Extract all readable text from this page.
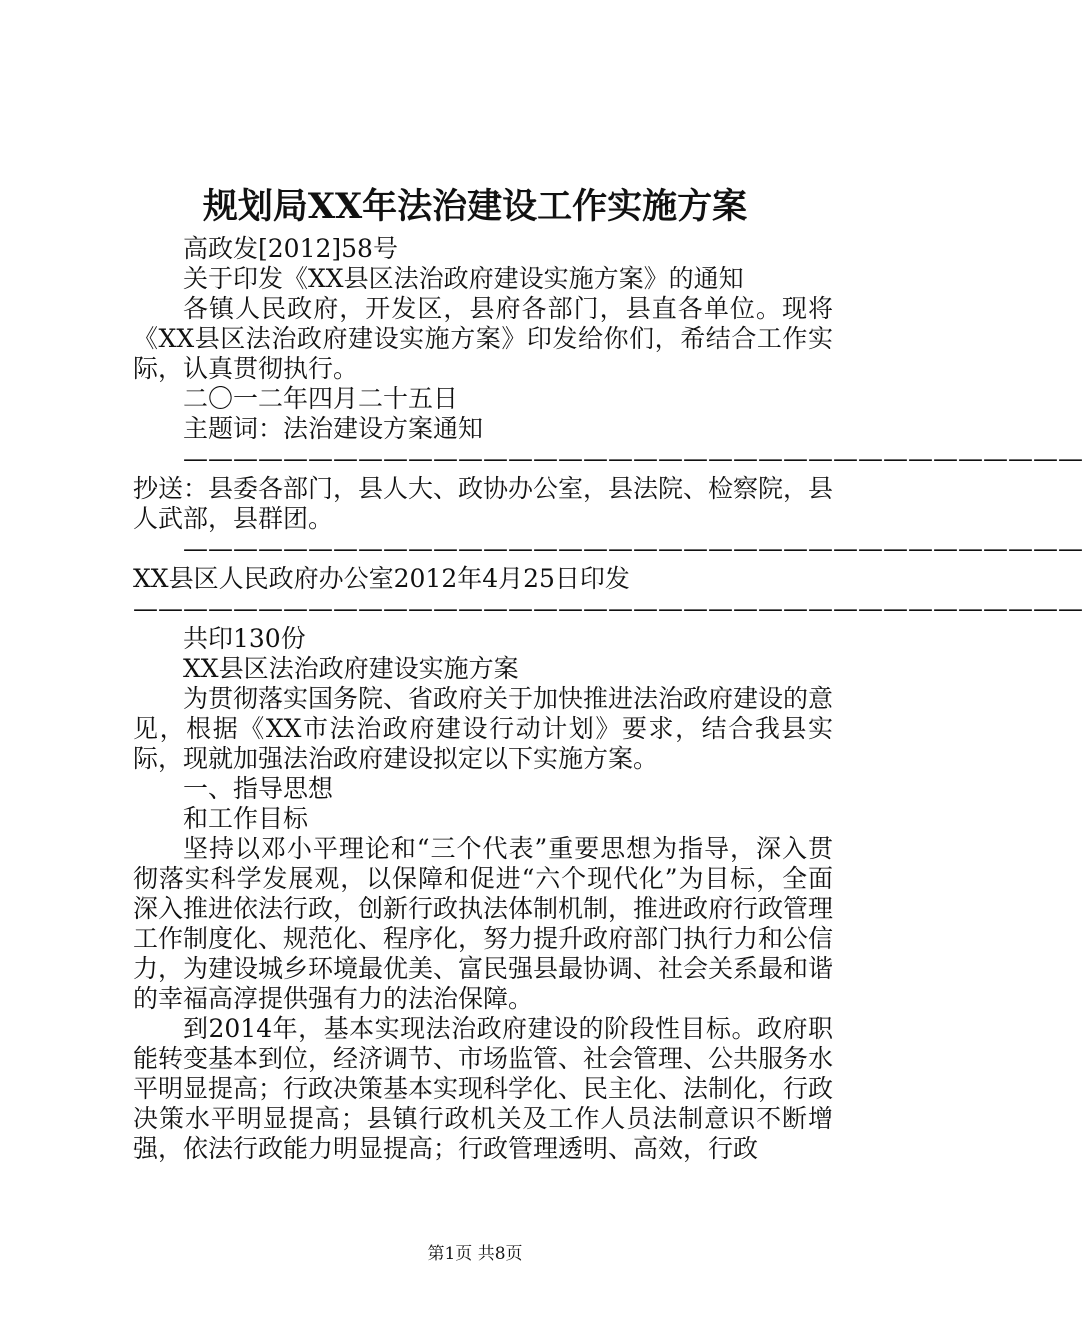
规划局XX年法治建设工作实施方案

高政发[2012]58号

关于印发《XX县区法治政府建设实施方案》的通知

各镇人民政府，开发区，县府各部门，县直各单位。现将《XX县区法治政府建设实施方案》印发给你们，希结合工作实际，认真贯彻执行。

二〇一二年四月二十五日

主题词：法治建设方案通知

————————————————————————————————————抄送：县委各部门，县人大、政协办公室，县法院、检察院，县人武部，县群团。

————————————————————————————————————XX县区人民政府办公室2012年4月25日印发——————————————————————————————————————

共印130份

XX县区法治政府建设实施方案

为贯彻落实国务院、省政府关于加快推进法治政府建设的意见，根据《XX市法治政府建设行动计划》要求，结合我县实际，现就加强法治政府建设拟定以下实施方案。

一、指导思想

和工作目标

坚持以邓小平理论和“三个代表”重要思想为指导，深入贯彻落实科学发展观，以保障和促进“六个现代化”为目标，全面深入推进依法行政，创新行政执法体制机制，推进政府行政管理工作制度化、规范化、程序化，努力提升政府部门执行力和公信力，为建设城乡环境最优美、富民强县最协调、社会关系最和谐的幸福高淳提供强有力的法治保障。

到2014年，基本实现法治政府建设的阶段性目标。政府职能转变基本到位，经济调节、市场监管、社会管理、公共服务水平明显提高；行政决策基本实现科学化、民主化、法制化，行政决策水平明显提高；县镇行政机关及工作人员法制意识不断增强，依法行政能力明显提高；行政管理透明、高效，行政

第1页 共8页
